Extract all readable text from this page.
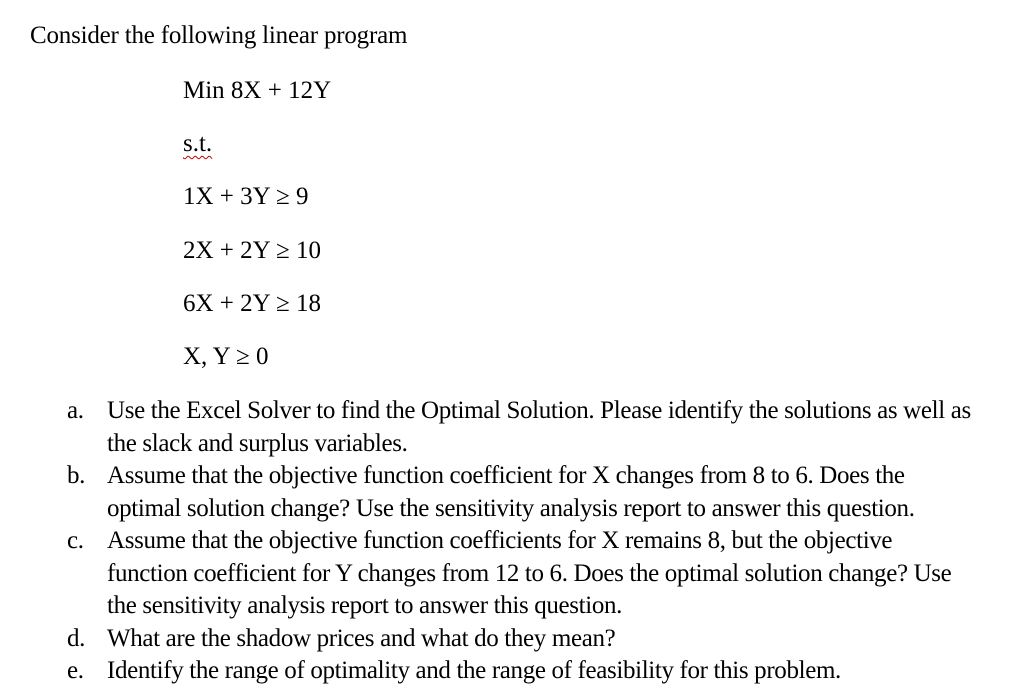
Consider the following linear program
Min 8X + 12Y
s.t.
1X + 3Y ≥ 9
2X + 2Y ≥ 10
6X + 2Y ≥ 18
X, Y ≥ 0
a. Use the Excel Solver to find the Optimal Solution. Please identify the solutions as well as
the slack and surplus variables.
b. Assume that the objective function coefficient for X changes from 8 to 6. Does the
optimal solution change? Use the sensitivity analysis report to answer this question.
c. Assume that the objective function coefficients for X remains 8, but the objective
function coefficient for Y changes from 12 to 6. Does the optimal solution change? Use
the sensitivity analysis report to answer this question.
d. What are the shadow prices and what do they mean?
e. Identify the range of optimality and the range of feasibility for this problem.
